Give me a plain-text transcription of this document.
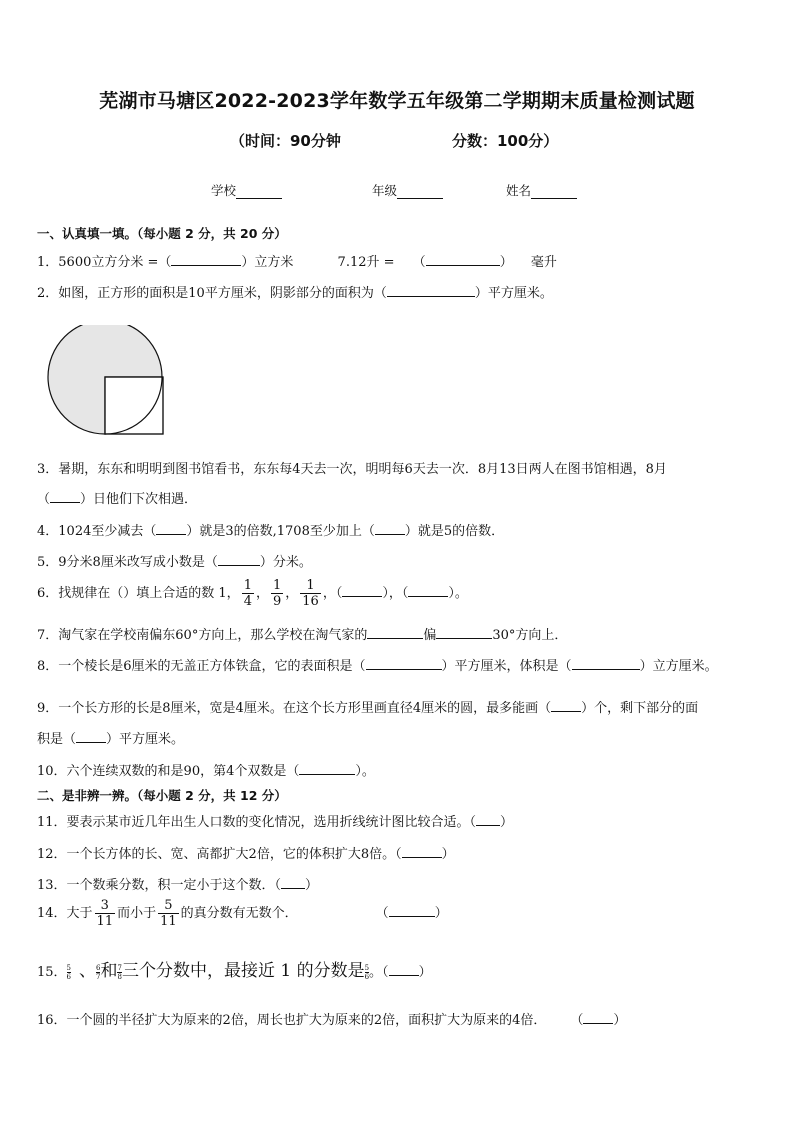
芜湖市马塘区2022-2023学年数学五年级第二学期期末质量检测试题
（时间：90分钟	分数：100分）
学校	年级	姓名
一、认真填一填。（每小题 2 分，共 20 分）
1．5600立方分米 =（	）立方米	7.12升 = （	） 毫升
2．如图，正方形的面积是10平方厘米，阴影部分的面积为（	）平方厘米。
3．暑期，东东和明明到图书馆看书，东东每4天去一次，明明每6天去一次．8月13日两人在图书馆相遇，8月
（ ）日他们下次相遇．
4．1024至少减去（ ）就是3的倍数,1708至少加上（ ）就是5的倍数．
5．9分米8厘米改写成小数是（	）分米。
6．找规律在（）填上合适的数 1， $\frac{1}{4}$ ， $\frac{1}{9}$ ， $\frac{1}{16}$ ，（	），（	）。
7．淘气家在学校南偏东60°方向上，那么学校在淘气家的	偏	30°方向上．
8．一个棱长是6厘米的无盖正方体铁盒，它的表面积是（	）平方厘米，体积是（	）立方厘米。
9．一个长方形的长是8厘米，宽是4厘米。在这个长方形里画直径4厘米的圆，最多能画（ ）个，剩下部分的面
积是（ ）平方厘米。
10．六个连续双数的和是90，第4个双数是（	）。
二、是非辨一辨。（每小题 2 分，共 12 分）
11．要表示某市近几年出生人口数的变化情况，选用折线统计图比较合适。（ ）
12．一个长方体的长、宽、高都扩大2倍，它的体积扩大8倍。（	）
13．一个数乘分数，积一定小于这个数．（ ）
14．大于 $\frac{3}{11}$ 而小于 $\frac{5}{11}$ 的真分数有无数个．	（	）
15． $\frac{5}{6}$ 、 $\frac{6}{7}$ 和 $\frac{7}{8}$ 三个分数中，最接近 1 的分数是 $\frac{5}{6}$ 。（ ）
16．一个圆的半径扩大为原来的2倍，周长也扩大为原来的2倍，面积扩大为原来的4倍． （ ）
